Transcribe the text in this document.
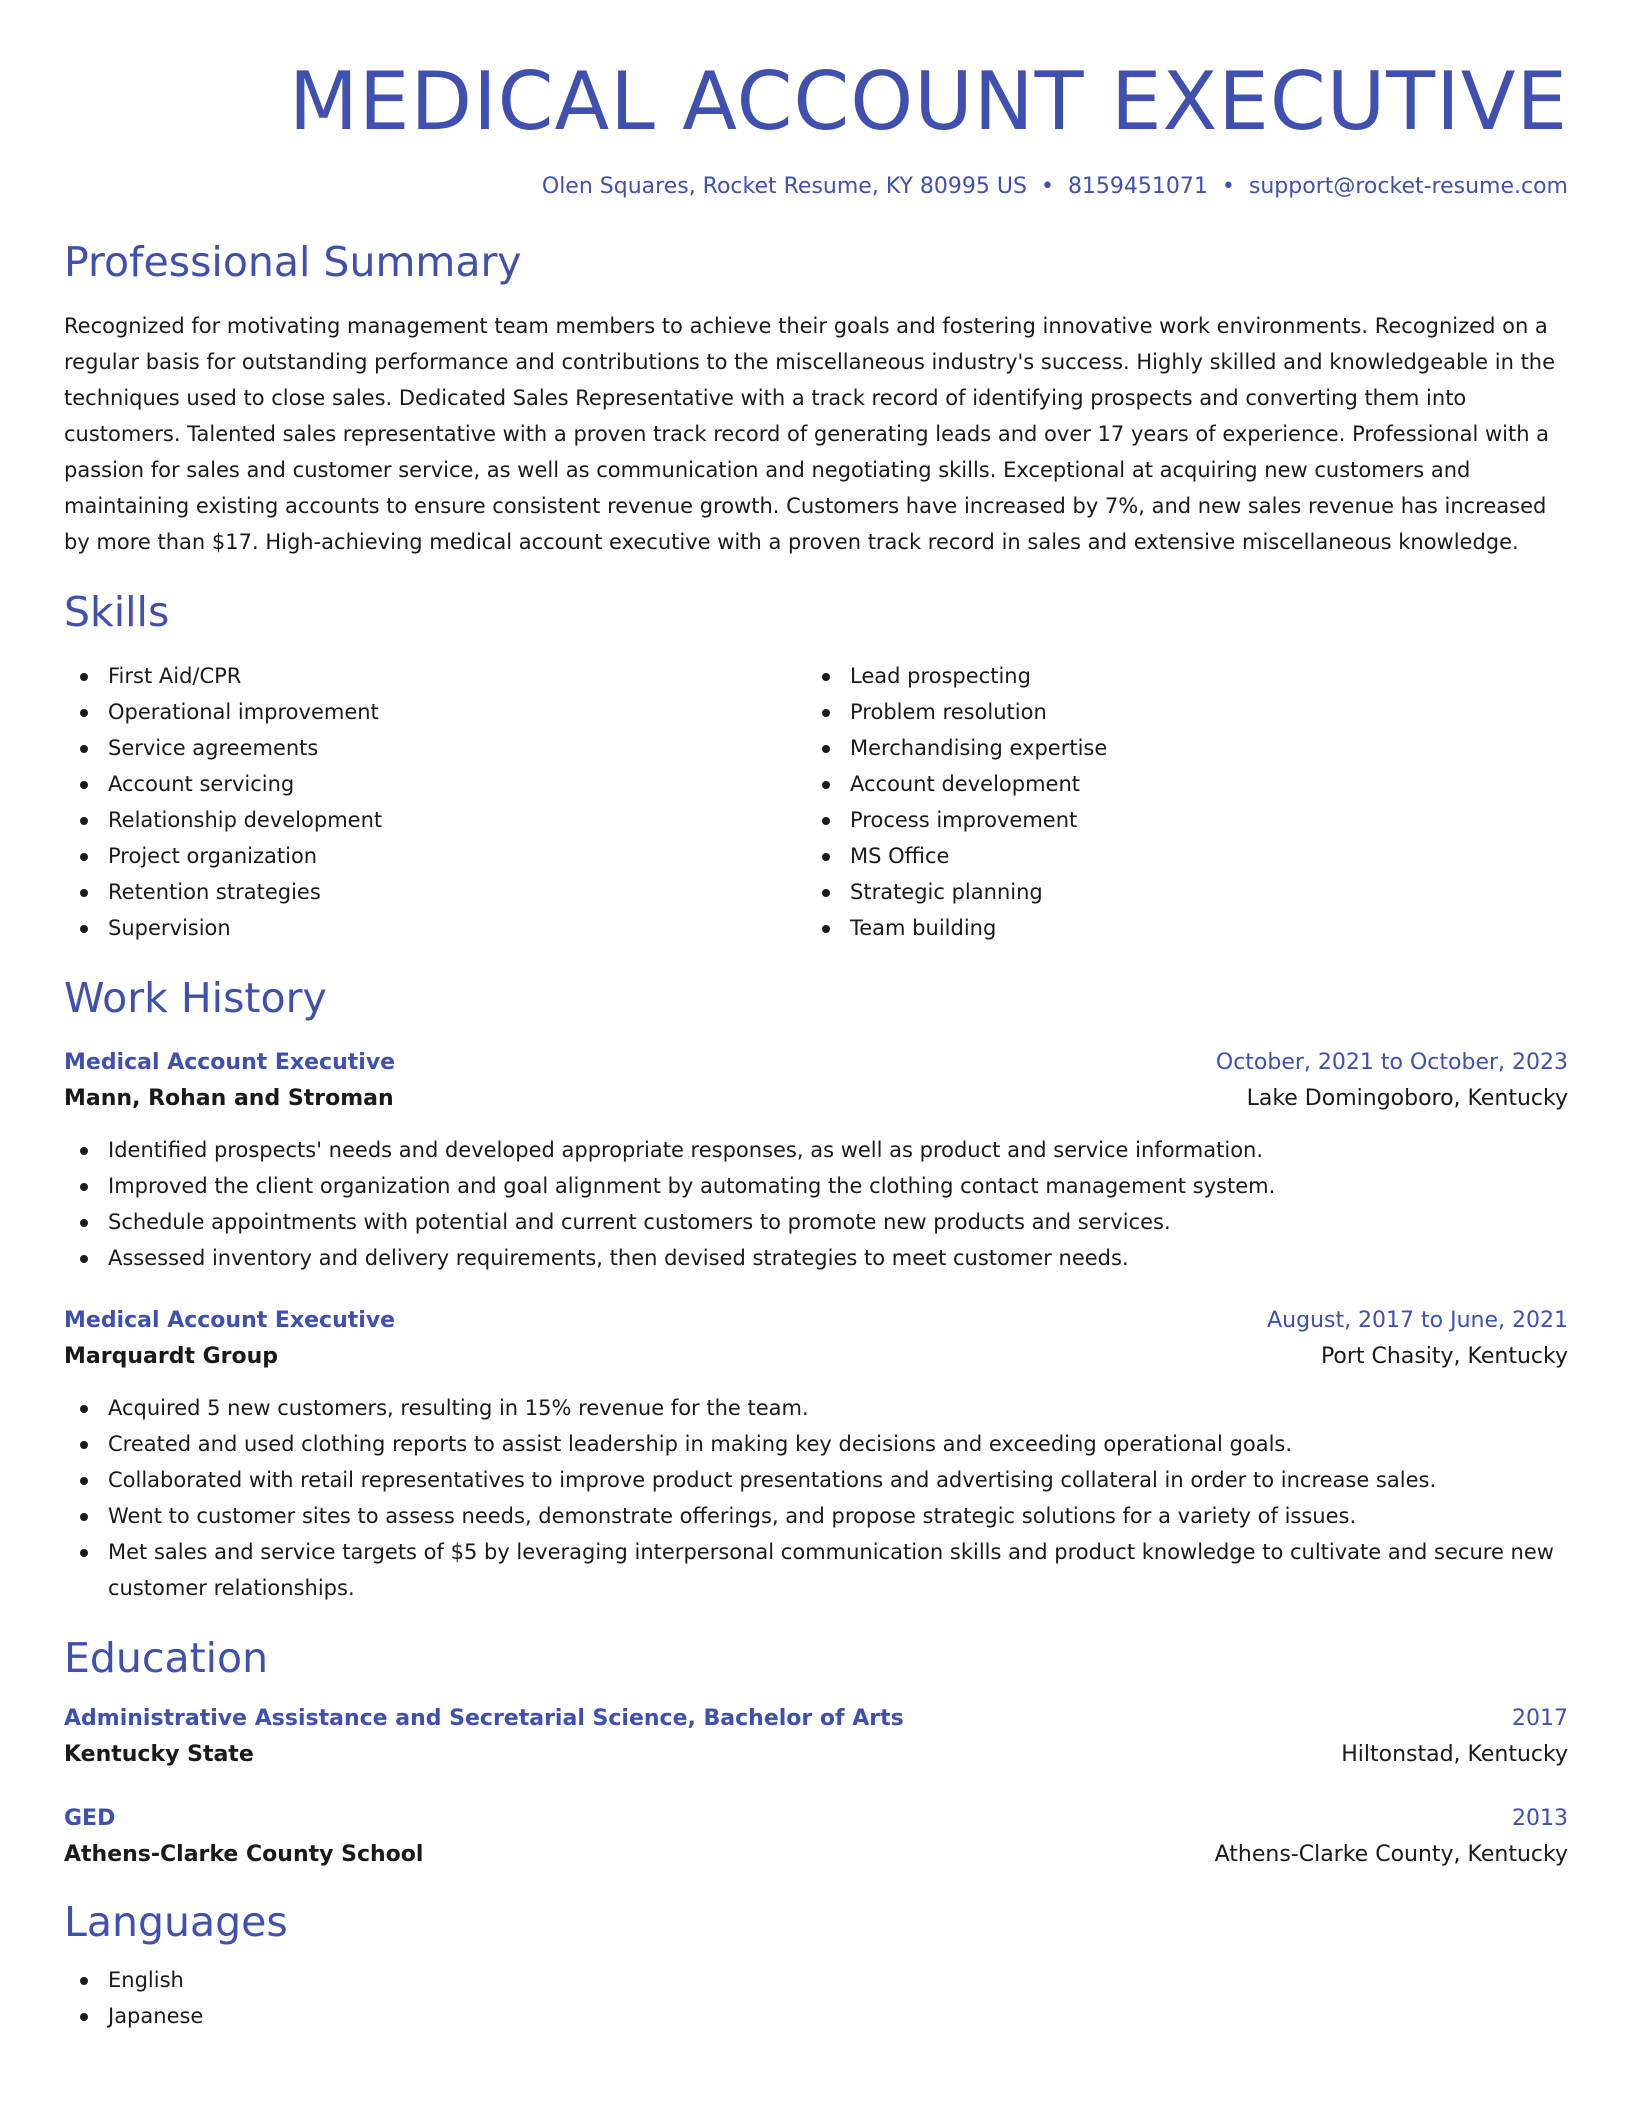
MEDICAL ACCOUNT EXECUTIVE
Olen Squares, Rocket Resume, KY 80995 US • 8159451071 • support@rocket-resume.com
Professional Summary

Recognized for motivating management team members to achieve their goals and fostering innovative work environments. Recognized on a regular basis for outstanding performance and contributions to the miscellaneous industry's success. Highly skilled and knowledgeable in the techniques used to close sales. Dedicated Sales Representative with a track record of identifying prospects and converting them into customers. Talented sales representative with a proven track record of generating leads and over 17 years of experience. Professional with a passion for sales and customer service, as well as communication and negotiating skills. Exceptional at acquiring new customers and maintaining existing accounts to ensure consistent revenue growth. Customers have increased by 7%, and new sales revenue has increased by more than $17. High-achieving medical account executive with a proven track record in sales and extensive miscellaneous knowledge.

Skills
First Aid/CPR
Operational improvement
Service agreements
Account servicing
Relationship development
Project organization
Retention strategies
Supervision
Lead prospecting
Problem resolution
Merchandising expertise
Account development
Process improvement
MS Office
Strategic planning
Team building
Work History
Medical Account Executive	October, 2021 to October, 2023
Mann, Rohan and Stroman	Lake Domingoboro, Kentucky
Identified prospects' needs and developed appropriate responses, as well as product and service information.
Improved the client organization and goal alignment by automating the clothing contact management system.
Schedule appointments with potential and current customers to promote new products and services.
Assessed inventory and delivery requirements, then devised strategies to meet customer needs.
Medical Account Executive	August, 2017 to June, 2021
Marquardt Group	Port Chasity, Kentucky
Acquired 5 new customers, resulting in 15% revenue for the team.
Created and used clothing reports to assist leadership in making key decisions and exceeding operational goals.
Collaborated with retail representatives to improve product presentations and advertising collateral in order to increase sales.
Went to customer sites to assess needs, demonstrate offerings, and propose strategic solutions for a variety of issues.
Met sales and service targets of $5 by leveraging interpersonal communication skills and product knowledge to cultivate and secure new customer relationships.
Education
Administrative Assistance and Secretarial Science, Bachelor of Arts	2017
Kentucky State	Hiltonstad, Kentucky
GED	2013
Athens-Clarke County School	Athens-Clarke County, Kentucky
Languages
English
Japanese
